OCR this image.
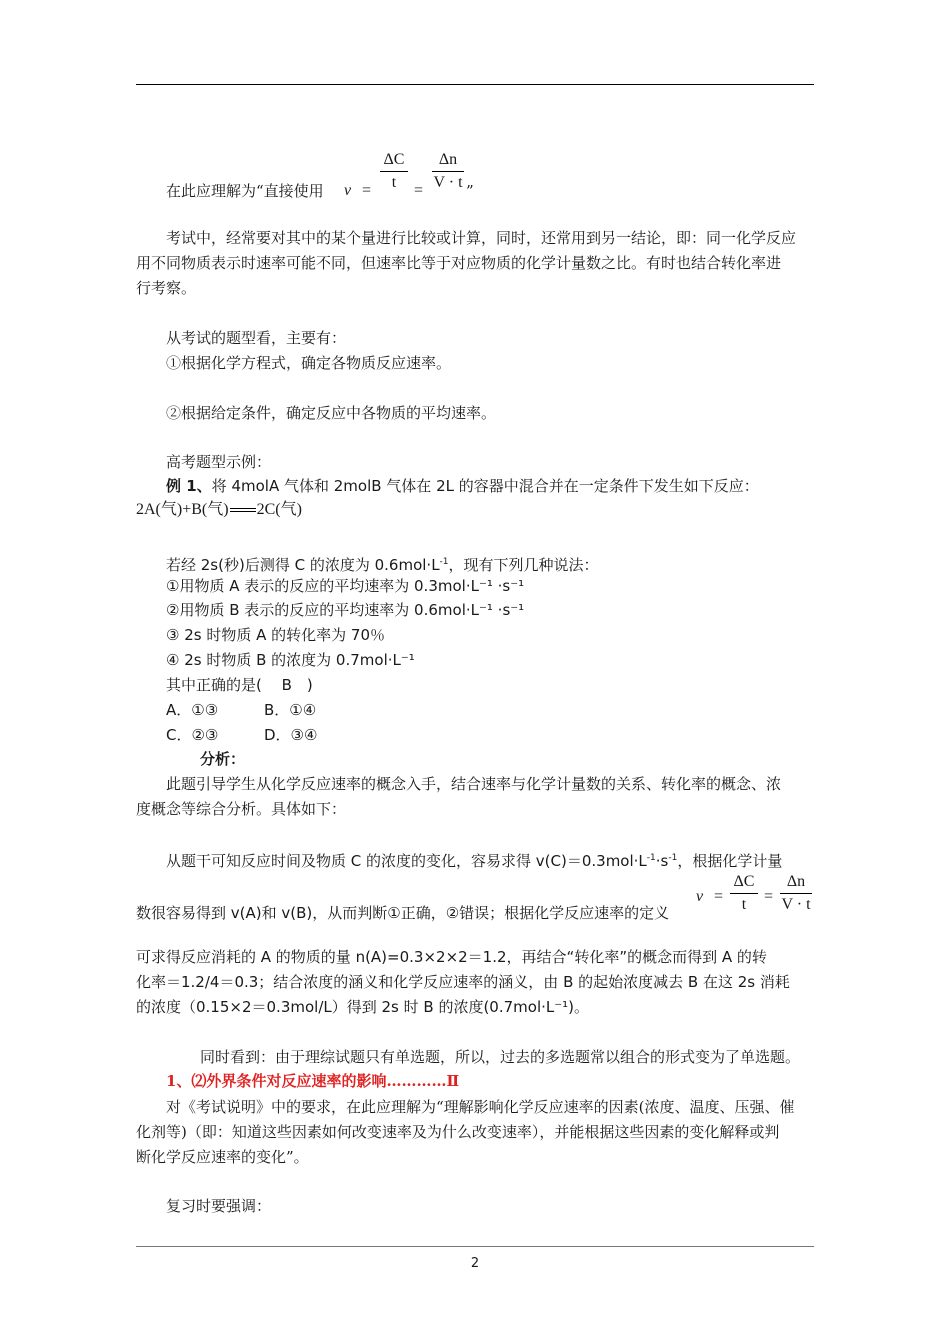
ν =
ΔC
t	=
Δn
V · t
在此应理解为“直接使用	”
考试中，经常要对其中的某个量进行比较或计算，同时，还常用到另一结论，即：同一化学反应
用不同物质表示时速率可能不同，但速率比等于对应物质的化学计量数之比。有时也结合转化率进
行考察。
从考试的题型看，主要有：
①根据化学方程式，确定各物质反应速率。
②根据给定条件，确定反应中各物质的平均速率。
高考题型示例：
例 1、将 4molA 气体和 2molB 气体在 2L 的容器中混合并在一定条件下发生如下反应：
2A(气)+B(气) 2C(气)
若经 2s(秒)后测得 C 的浓度为 $0.6mol\cdot L^{-1}$，现有下列几种说法：
①用物质 A 表示的反应的平均速率为 0.3mol·L⁻¹ ·s⁻¹
②用物质 B 表示的反应的平均速率为 0.6mol·L⁻¹ ·s⁻¹
③ 2s 时物质 A 的转化率为 70％
④ 2s 时物质 B 的浓度为 0.7mol·L⁻¹
其中正确的是(　 B　)
A．①③	B．①④
C．②③	D．③④
分析：
此题引导学生从化学反应速率的概念入手，结合速率与化学计量数的关系、转化率的概念、浓
度概念等综合分析。具体如下：
从题干可知反应时间及物质 C 的浓度的变化，容易求得 $v(C)=0.3mol\cdot L^{-1}\cdot s^{-1}$，根据化学计量
ν =
ΔC
t	=
Δn
V · t
数很容易得到 v(A)和 v(B)，从而判断①正确，②错误；根据化学反应速率的定义
可求得反应消耗的 A 的物质的量 n(A)=0.3×2×2＝1.2，再结合“转化率”的概念而得到 A 的转
化率＝1.2/4＝0.3；结合浓度的涵义和化学反应速率的涵义，由 B 的起始浓度减去 B 在这 2s 消耗
的浓度（0.15×2＝0.3mol/L）得到 2s 时 B 的浓度(0.7mol·L⁻¹)。
同时看到：由于理综试题只有单选题，所以，过去的多选题常以组合的形式变为了单选题。
1、⑵外界条件对反应速率的影响…………Ⅱ
对《考试说明》中的要求，在此应理解为“理解影响化学反应速率的因素(浓度、温度、压强、催
化剂等)（即：知道这些因素如何改变速率及为什么改变速率），并能根据这些因素的变化解释或判
断化学反应速率的变化”。
复习时要强调：
2
